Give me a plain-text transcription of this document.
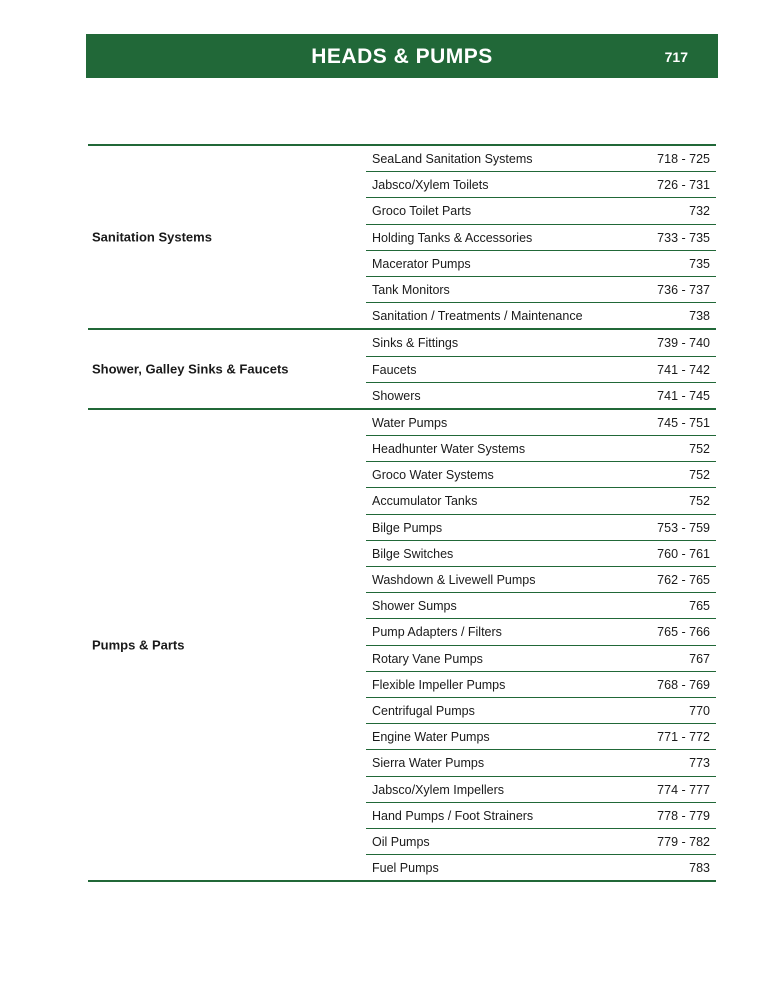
HEADS & PUMPS	717
Sanitation Systems
SeaLand Sanitation Systems	718 - 725
Jabsco/Xylem Toilets	726 - 731
Groco Toilet Parts	732
Holding Tanks & Accessories	733 - 735
Macerator Pumps	735
Tank Monitors	736 - 737
Sanitation / Treatments / Maintenance	738
Shower, Galley Sinks & Faucets
Sinks & Fittings	739 - 740
Faucets	741 - 742
Showers	741 - 745
Pumps & Parts
Water Pumps	745 - 751
Headhunter Water Systems	752
Groco Water Systems	752
Accumulator Tanks	752
Bilge Pumps	753 - 759
Bilge Switches	760 - 761
Washdown & Livewell Pumps	762 - 765
Shower Sumps	765
Pump Adapters / Filters	765 - 766
Rotary Vane Pumps	767
Flexible Impeller Pumps	768 - 769
Centrifugal Pumps	770
Engine Water Pumps	771 - 772
Sierra Water Pumps	773
Jabsco/Xylem Impellers	774 - 777
Hand Pumps / Foot Strainers	778 - 779
Oil Pumps	779 - 782
Fuel Pumps	783
